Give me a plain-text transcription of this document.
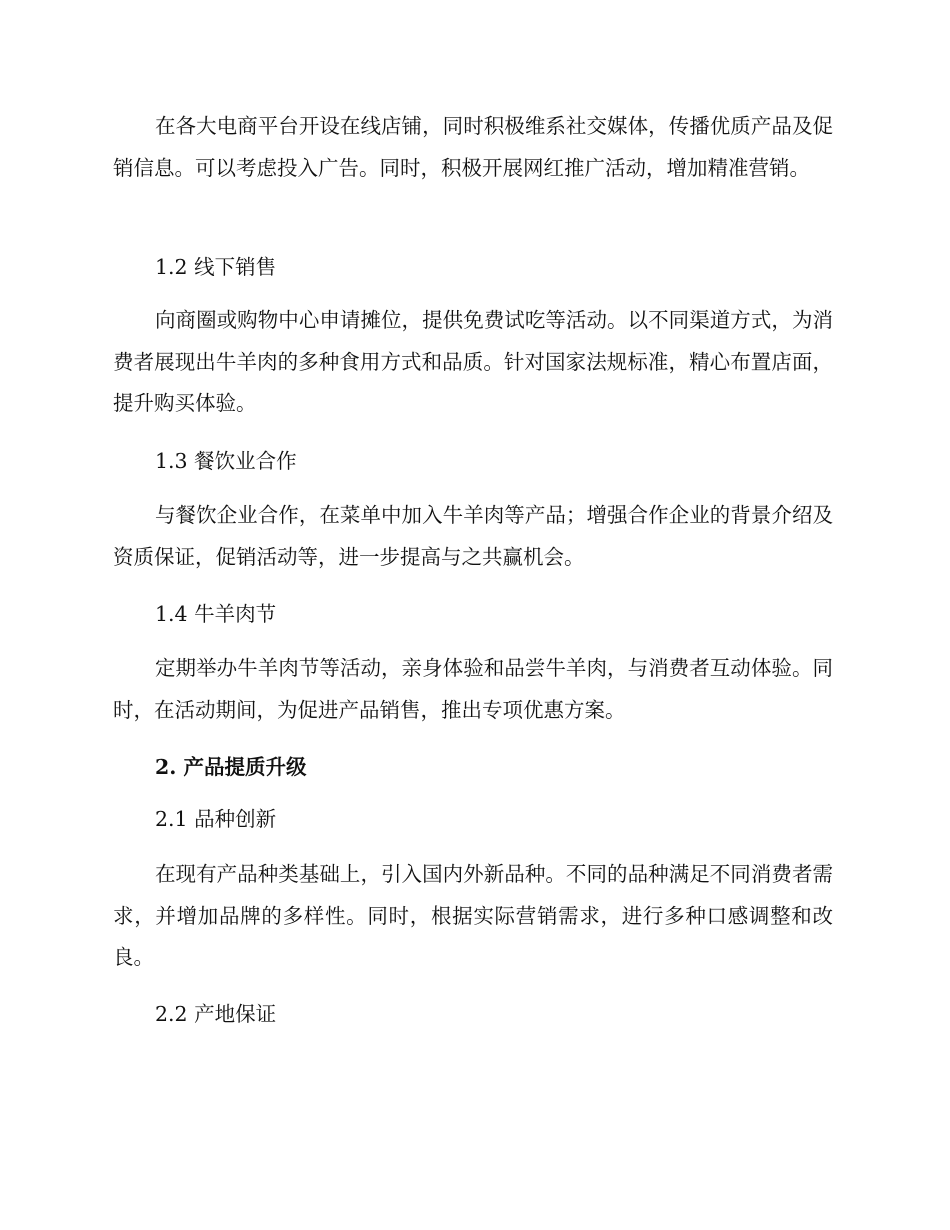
在各大电商平台开设在线店铺，同时积极维系社交媒体，传播优质产品及促销信息。可以考虑投入广告。同时，积极开展网红推广活动，增加精准营销。

1.2 线下销售

向商圈或购物中心申请摊位，提供免费试吃等活动。以不同渠道方式，为消费者展现出牛羊肉的多种食用方式和品质。针对国家法规标准，精心布置店面，提升购买体验。

1.3 餐饮业合作

与餐饮企业合作，在菜单中加入牛羊肉等产品；增强合作企业的背景介绍及资质保证，促销活动等，进一步提高与之共赢机会。

1.4 牛羊肉节

定期举办牛羊肉节等活动，亲身体验和品尝牛羊肉，与消费者互动体验。同时，在活动期间，为促进产品销售，推出专项优惠方案。

2. 产品提质升级

2.1 品种创新

在现有产品种类基础上，引入国内外新品种。不同的品种满足不同消费者需求，并增加品牌的多样性。同时，根据实际营销需求，进行多种口感调整和改良。

2.2 产地保证
